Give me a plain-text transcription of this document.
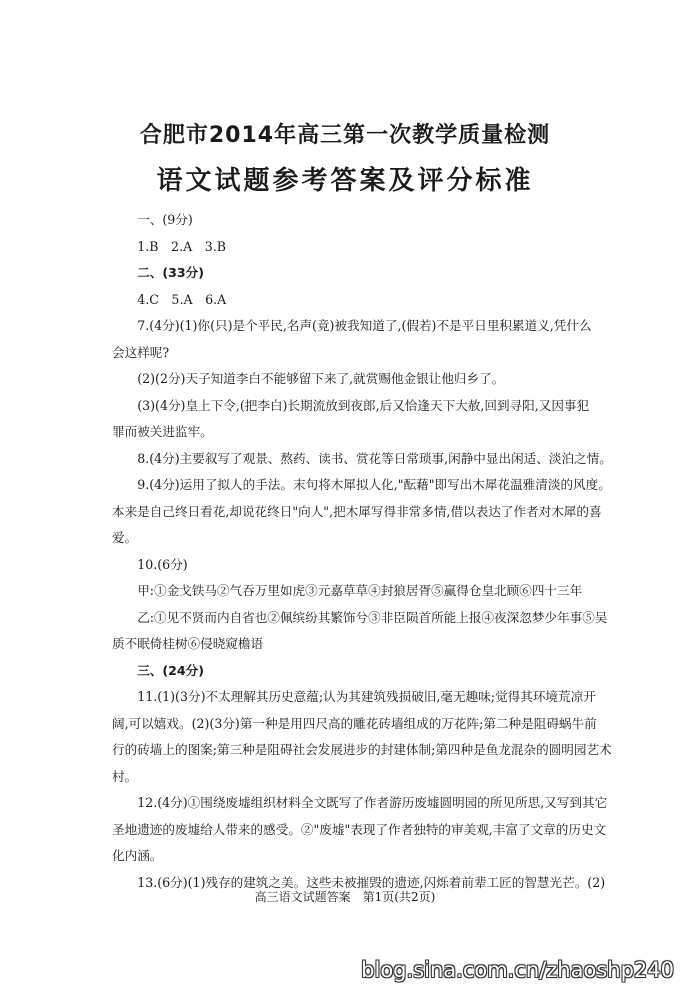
合肥市2014年高三第一次教学质量检测
语文试题参考答案及评分标准

一、(9分)

1.B　2.A　3.B

二、(33分)

4.C　5.A　6.A

7.(4分)(1)你(只)是个平民,名声(竟)被我知道了,(假若)不是平日里积累道义,凭什么

会这样呢?

(2)(2分)天子知道李白不能够留下来了,就赏赐他金银让他归乡了。

(3)(4分)皇上下令,(把李白)长期流放到夜郎,后又恰逢天下大赦,回到寻阳,又因事犯

罪而被关进监牢。

8.(4分)主要叙写了观景、熬药、读书、赏花等日常琐事,闲静中显出闲适、淡泊之情。

9.(4分)运用了拟人的手法。末句将木犀拟人化,"酝藉"即写出木犀花温雅清淡的风度。

本来是自己终日看花,却说花终日"向人",把木犀写得非常多情,借以表达了作者对木犀的喜

爱。

10.(6分)

甲:①金戈铁马②气吞万里如虎③元嘉草草④封狼居胥⑤赢得仓皇北顾⑥四十三年

乙:①见不贤而内自省也②佩缤纷其繁饰兮③非臣陨首所能上报④夜深忽梦少年事⑤吴

质不眠倚桂树⑥侵晓窥檐语

三、(24分)

11.(1)(3分)不太理解其历史意蕴;认为其建筑残损破旧,毫无趣味;觉得其环境荒凉开

阔,可以嬉戏。(2)(3分)第一种是用四尺高的雕花砖墙组成的万花阵;第二种是阻碍蜗牛前

行的砖墙上的图案;第三种是阻碍社会发展进步的封建体制;第四种是鱼龙混杂的圆明园艺术

村。

12.(4分)①围绕废墟组织材料全文既写了作者游历废墟圆明园的所见所思,又写到其它

圣地遗迹的废墟给人带来的感受。②"废墟"表现了作者独特的审美观,丰富了文章的历史文

化内涵。

13.(6分)(1)残存的建筑之美。这些未被摧毁的遗迹,闪烁着前辈工匠的智慧光芒。(2)

高三语文试题答案　第1页(共2页)
blog.sina.com.cn/zhaoshp240
